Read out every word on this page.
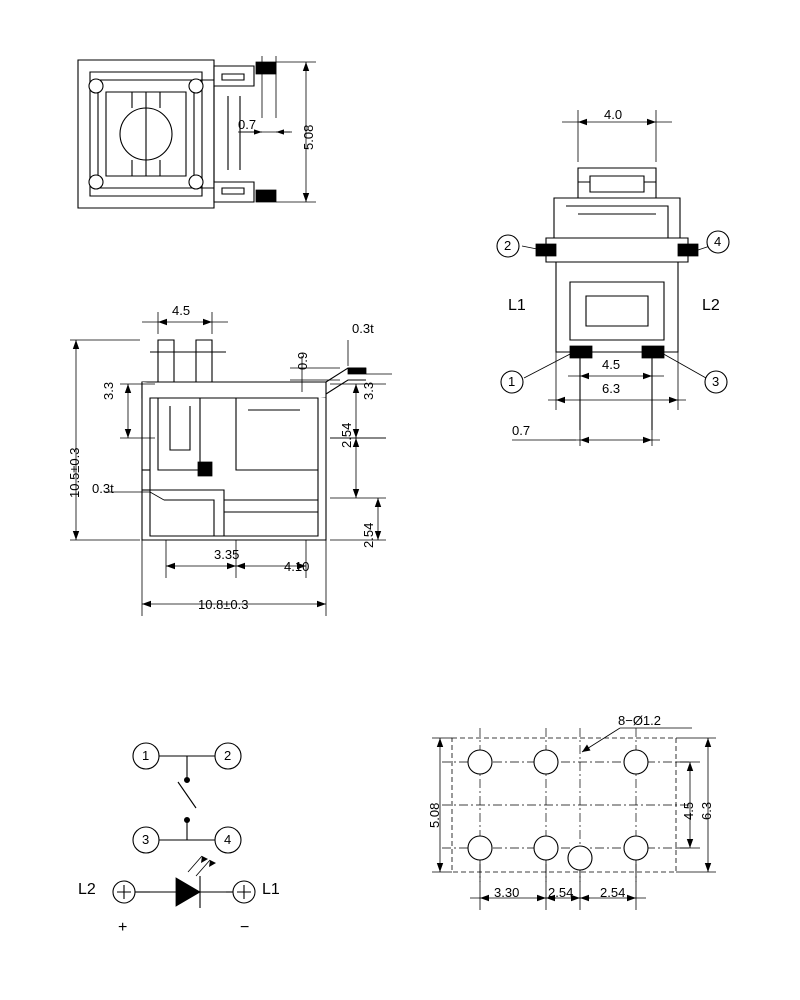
0.7
5.08
4.5
0.9
0.3t
3.3	3.3
2.54
2.54
0.3t
10.5±0.3
3.35
4.10
10.8±0.3
4.0
4.5
6.3
0.7
2	4
1	3
L1	L2
1	2
3	4
L2	L1
+	−
8−Ø1.2
5.08	4.5 6.3
3.30 2.54 2.54
